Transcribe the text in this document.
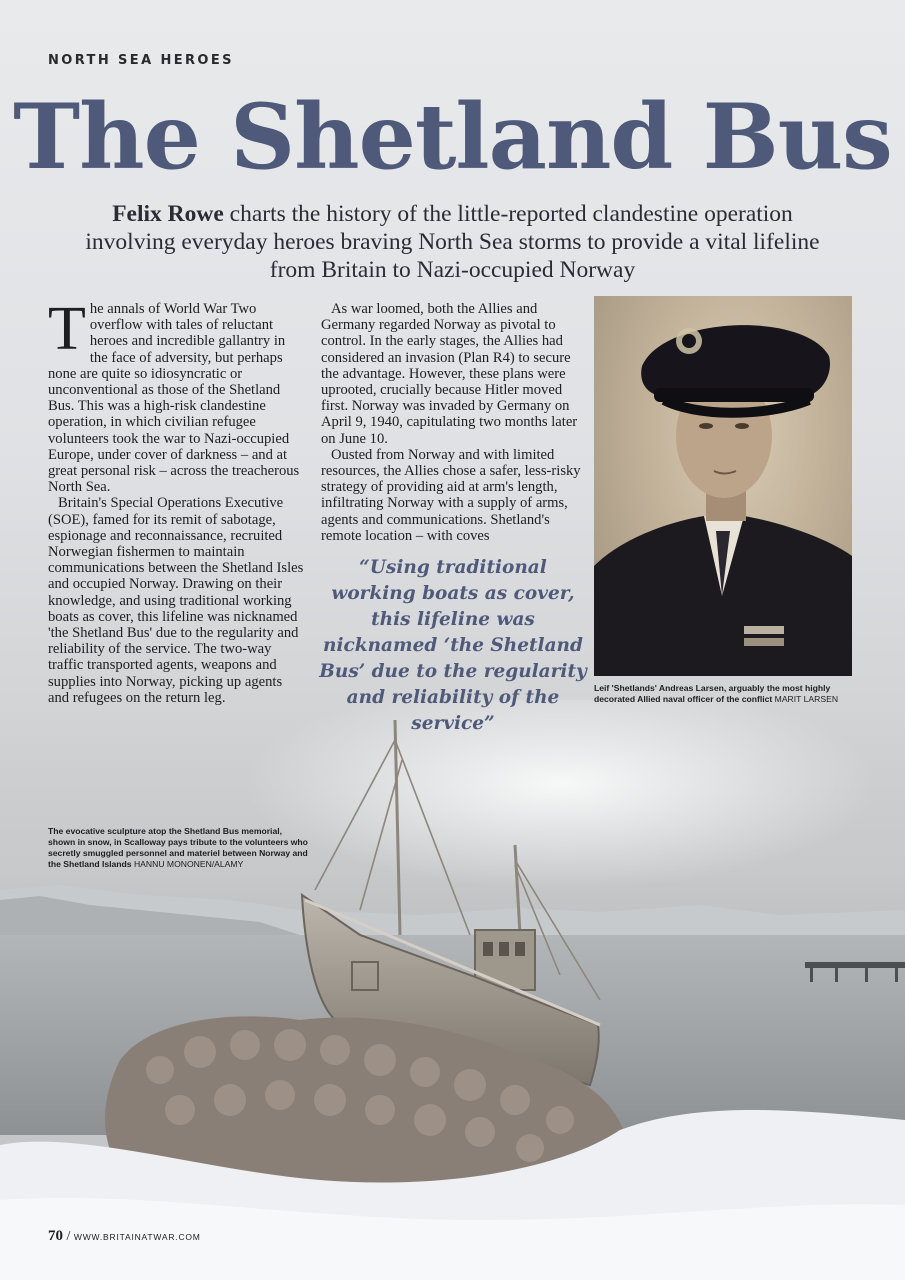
NORTH SEA HEROES
The Shetland Bus
Felix Rowe charts the history of the little-reported clandestine operation involving everyday heroes braving North Sea storms to provide a vital lifeline from Britain to Nazi-occupied Norway

The annals of World War Two overflow with tales of reluctant heroes and incredible gallantry in the face of adversity, but perhaps none are quite so idiosyncratic or unconventional as those of the Shetland Bus. This was a high-risk clandestine operation, in which civilian refugee volunteers took the war to Nazi-occupied Europe, under cover of darkness – and at great personal risk – across the treacherous North Sea.

Britain's Special Operations Executive (SOE), famed for its remit of sabotage, espionage and reconnaissance, recruited Norwegian fishermen to maintain communications between the Shetland Isles and occupied Norway. Drawing on their knowledge, and using traditional working boats as cover, this lifeline was nicknamed 'the Shetland Bus' due to the regularity and reliability of the service. The two-way traffic transported agents, weapons and supplies into Norway, picking up agents and refugees on the return leg.

As war loomed, both the Allies and Germany regarded Norway as pivotal to control. In the early stages, the Allies had considered an invasion (Plan R4) to secure the advantage. However, these plans were uprooted, crucially because Hitler moved first. Norway was invaded by Germany on April 9, 1940, capitulating two months later on June 10.

Ousted from Norway and with limited resources, the Allies chose a safer, less-risky strategy of providing aid at arm's length, infiltrating Norway with a supply of arms, agents and communications. Shetland's remote location – with coves

“Using traditional working boats as cover, this lifeline was nicknamed ‘the Shetland Bus’ due to the regularity and reliability of the service”
Leif 'Shetlands' Andreas Larsen, arguably the most highly decorated Allied naval officer of the conflict MARIT LARSEN
The evocative sculpture atop the Shetland Bus memorial, shown in snow, in Scalloway pays tribute to the volunteers who secretly smuggled personnel and materiel between Norway and the Shetland Islands HANNU MONONEN/ALAMY
70 / WWW.BRITAINATWAR.COM
